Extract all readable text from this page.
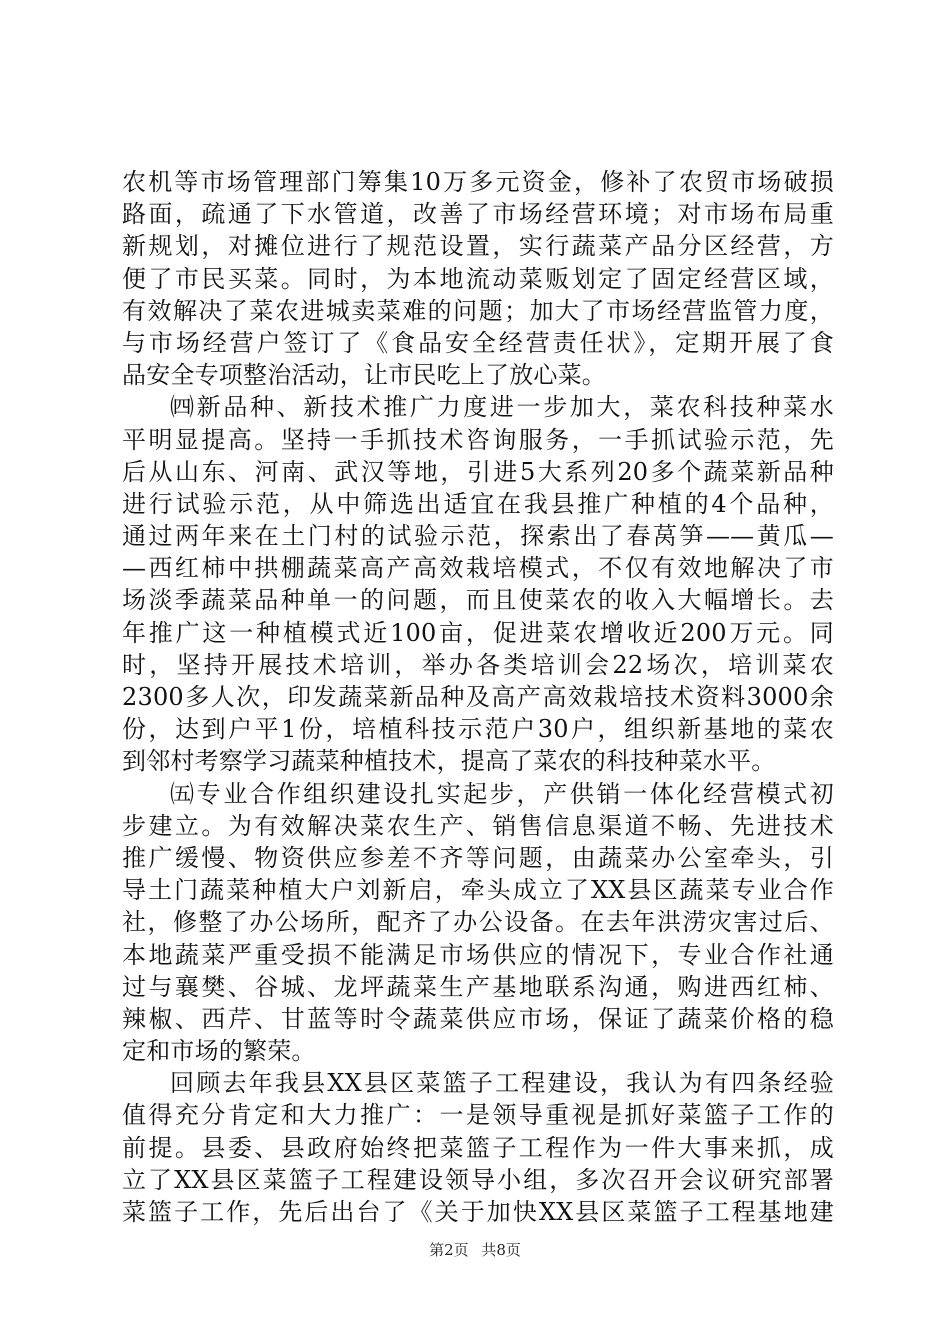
农机等市场管理部门筹集10万多元资金，修补了农贸市场破损
路面，疏通了下水管道，改善了市场经营环境；对市场布局重
新规划，对摊位进行了规范设置，实行蔬菜产品分区经营，方
便了市民买菜。同时，为本地流动菜贩划定了固定经营区域，
有效解决了菜农进城卖菜难的问题；加大了市场经营监管力度，
与市场经营户签订了《食品安全经营责任状》，定期开展了食
品安全专项整治活动，让市民吃上了放心菜。
㈣新品种、新技术推广力度进一步加大，菜农科技种菜水
平明显提高。坚持一手抓技术咨询服务，一手抓试验示范，先
后从山东、河南、武汉等地，引进5大系列20多个蔬菜新品种
进行试验示范，从中筛选出适宜在我县推广种植的4个品种，
通过两年来在土门村的试验示范，探索出了春莴笋——黄瓜—
—西红柿中拱棚蔬菜高产高效栽培模式，不仅有效地解决了市
场淡季蔬菜品种单一的问题，而且使菜农的收入大幅增长。去
年推广这一种植模式近100亩，促进菜农增收近200万元。同
时，坚持开展技术培训，举办各类培训会22场次，培训菜农
2300多人次，印发蔬菜新品种及高产高效栽培技术资料3000余
份，达到户平1份，培植科技示范户30户，组织新基地的菜农
到邻村考察学习蔬菜种植技术，提高了菜农的科技种菜水平。
㈤专业合作组织建设扎实起步，产供销一体化经营模式初
步建立。为有效解决菜农生产、销售信息渠道不畅、先进技术
推广缓慢、物资供应参差不齐等问题，由蔬菜办公室牵头，引
导土门蔬菜种植大户刘新启，牵头成立了XX县区蔬菜专业合作
社，修整了办公场所，配齐了办公设备。在去年洪涝灾害过后、
本地蔬菜严重受损不能满足市场供应的情况下，专业合作社通
过与襄樊、谷城、龙坪蔬菜生产基地联系沟通，购进西红柿、
辣椒、西芹、甘蓝等时令蔬菜供应市场，保证了蔬菜价格的稳
定和市场的繁荣。
回顾去年我县XX县区菜篮子工程建设，我认为有四条经验
值得充分肯定和大力推广：一是领导重视是抓好菜篮子工作的
前提。县委、县政府始终把菜篮子工程作为一件大事来抓，成
立了XX县区菜篮子工程建设领导小组，多次召开会议研究部署
菜篮子工作，先后出台了《关于加快XX县区菜篮子工程基地建
第2页 共8页
